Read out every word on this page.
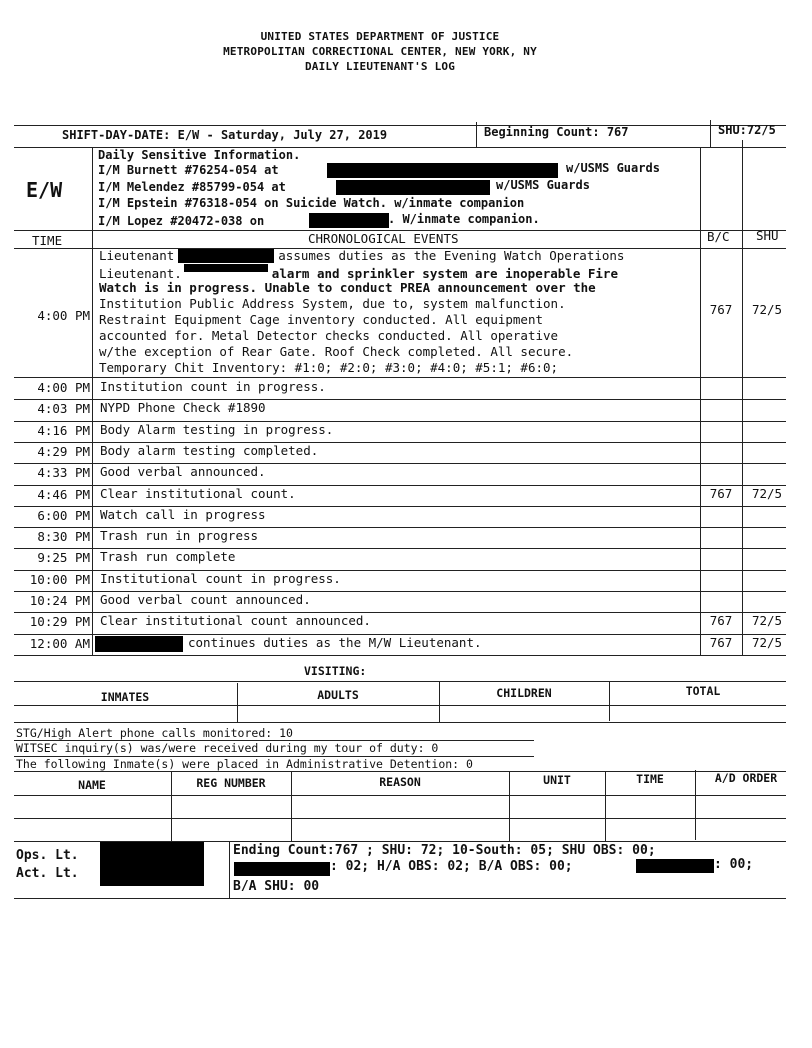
UNITED STATES DEPARTMENT OF JUSTICE
METROPOLITAN CORRECTIONAL CENTER, NEW YORK, NY
DAILY LIEUTENANT'S LOG
SHIFT-DAY-DATE: E/W - Saturday, July 27, 2019	Beginning Count: 767	SHU:72/5
E/W
Daily Sensitive Information.
I/M Burnett #76254-054 at	w/USMS Guards
I/M Melendez #85799-054 at	w/USMS Guards
I/M Epstein #76318-054 on Suicide Watch. w/inmate companion
I/M Lopez #20472-038 on	. W/inmate companion.
TIME	CHRONOLOGICAL EVENTS	B/C SHU
4:00 PM
Lieutenant	assumes duties as the Evening Watch Operations
Lieutenant.	alarm and sprinkler system are inoperable Fire
Watch is in progress. Unable to conduct PREA announcement over the
Institution Public Address System, due to, system malfunction.
Restraint Equipment Cage inventory conducted. All equipment
accounted for. Metal Detector checks conducted. All operative
w/the exception of Rear Gate. Roof Check completed. All secure.
Temporary Chit Inventory: #1:0; #2:0; #3:0; #4:0; #5:1; #6:0;
767	72/5
4:00 PM Institution count in progress.
4:03 PM NYPD Phone Check #1890
4:16 PM Body Alarm testing in progress.
4:29 PM Body alarm testing completed.
4:33 PM Good verbal announced.
4:46 PM Clear institutional count.	767	72/5
6:00 PM Watch call in progress
8:30 PM Trash run in progress
9:25 PM Trash run complete
10:00 PM Institutional count in progress.
10:24 PM Good verbal count announced.
10:29 PM Clear institutional count announced.	767	72/5
12:00 AM	continues duties as the M/W Lieutenant.	767	72/5
VISITING:
INMATES	ADULTS	CHILDREN	TOTAL
STG/High Alert phone calls monitored: 10
WITSEC inquiry(s) was/were received during my tour of duty: 0
The following Inmate(s) were placed in Administrative Detention: 0
NAME	REG NUMBER	REASON	UNIT	TIME	A/D ORDER
Ops. Lt.
Act. Lt.
Ending Count:767 ; SHU: 72; 10-South: 05; SHU OBS: 00;
: 02; H/A OBS: 02; B/A OBS: 00;	: 00;
B/A SHU: 00
